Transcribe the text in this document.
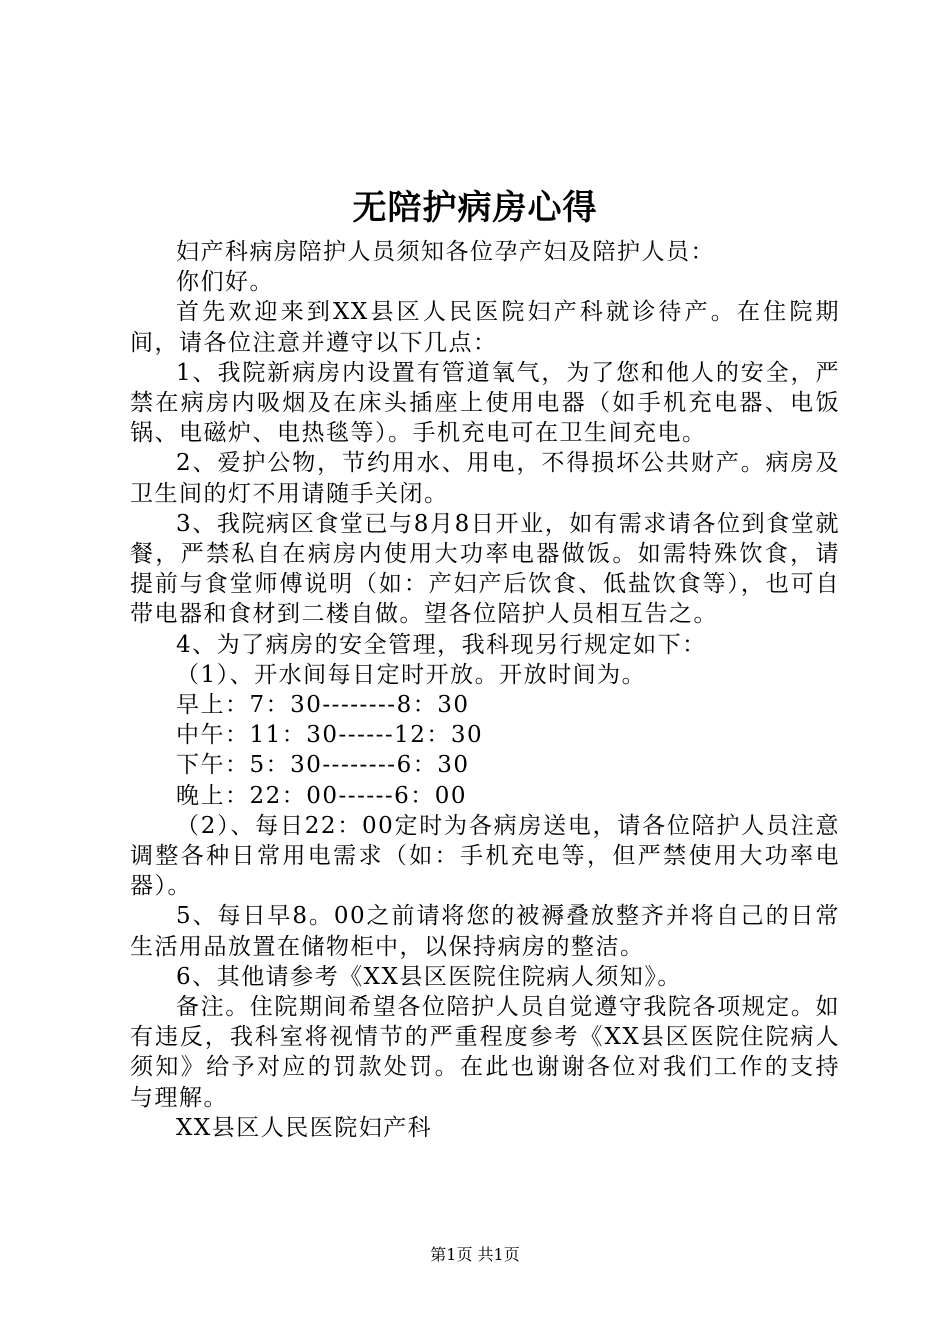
无陪护病房心得

妇产科病房陪护人员须知各位孕产妇及陪护人员：

你们好。

首先欢迎来到XX县区人民医院妇产科就诊待产。在住院期间，请各位注意并遵守以下几点：

1、我院新病房内设置有管道氧气，为了您和他人的安全，严禁在病房内吸烟及在床头插座上使用电器（如手机充电器、电饭锅、电磁炉、电热毯等）。手机充电可在卫生间充电。

2、爱护公物，节约用水、用电，不得损坏公共财产。病房及卫生间的灯不用请随手关闭。

3、我院病区食堂已与8月8日开业，如有需求请各位到食堂就餐，严禁私自在病房内使用大功率电器做饭。如需特殊饮食，请提前与食堂师傅说明（如：产妇产后饮食、低盐饮食等），也可自带电器和食材到二楼自做。望各位陪护人员相互告之。

4、为了病房的安全管理，我科现另行规定如下：

（1）、开水间每日定时开放。开放时间为。

早上：7：30--------8：30

中午：11：30------12：30

下午：5：30--------6：30

晚上：22：00------6：00

（2）、每日22：00定时为各病房送电，请各位陪护人员注意调整各种日常用电需求（如：手机充电等，但严禁使用大功率电器）。

5、每日早8。00之前请将您的被褥叠放整齐并将自己的日常生活用品放置在储物柜中，以保持病房的整洁。

6、其他请参考《XX县区医院住院病人须知》。

备注。住院期间希望各位陪护人员自觉遵守我院各项规定。如有违反，我科室将视情节的严重程度参考《XX县区医院住院病人须知》给予对应的罚款处罚。在此也谢谢各位对我们工作的支持与理解。

XX县区人民医院妇产科

第1页 共1页
